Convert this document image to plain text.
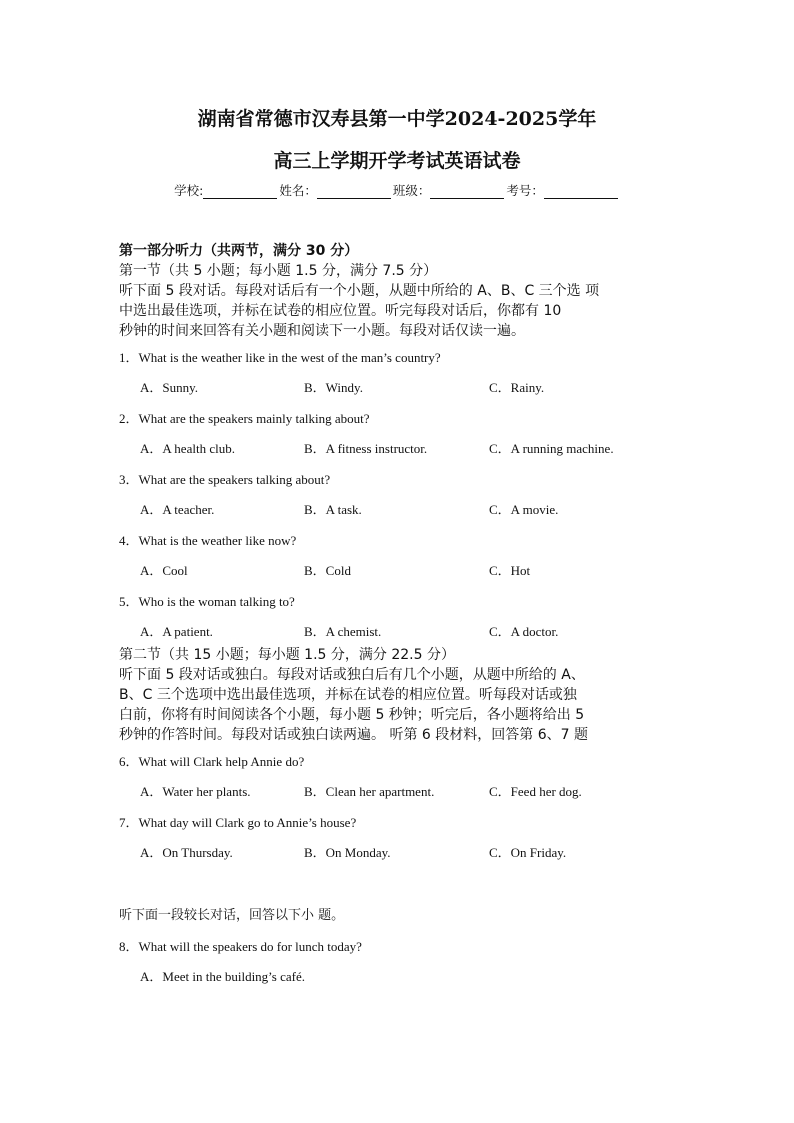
湖南省常德市汉寿县第一中学2024-2025学年
高三上学期开学考试英语试卷
学校:	姓名：	班级：	考号：
第一部分听力（共两节，满分 30 分）
第一节（共 5 小题；每小题 1.5 分，满分 7.5 分）
听下面 5 段对话。每段对话后有一个小题，从题中所给的 A、B、C 三个选 项
中选出最佳选项，并标在试卷的相应位置。听完每段对话后，你都有 10
秒钟的时间来回答有关小题和阅读下一小题。每段对话仅读一遍。
1．What is the weather like in the west of the man’s country?
A．Sunny.	B．Windy.	C．Rainy.
2．What are the speakers mainly talking about?
A．A health club.	B．A fitness instructor.	C．A running machine.
3．What are the speakers talking about?
A．A teacher.	B．A task.	C．A movie.
4．What is the weather like now?
A．Cool	B．Cold	C．Hot
5．Who is the woman talking to?
A．A patient.	B．A chemist.	C．A doctor.
第二节（共 15 小题；每小题 1.5 分，满分 22.5 分）
听下面 5 段对话或独白。每段对话或独白后有几个小题，从题中所给的 A、
B、C 三个选项中选出最佳选项，并标在试卷的相应位置。听每段对话或独
白前，你将有时间阅读各个小题，每小题 5 秒钟；听完后，各小题将给出 5
秒钟的作答时间。每段对话或独白读两遍。 听第 6 段材料，回答第 6、7 题
6．What will Clark help Annie do?
A．Water her plants.	B．Clean her apartment.	C．Feed her dog.
7．What day will Clark go to Annie’s house?
A．On Thursday.	B．On Monday.	C．On Friday.
听下面一段较长对话，回答以下小 题。
8．What will the speakers do for lunch today?
A．Meet in the building’s café.
